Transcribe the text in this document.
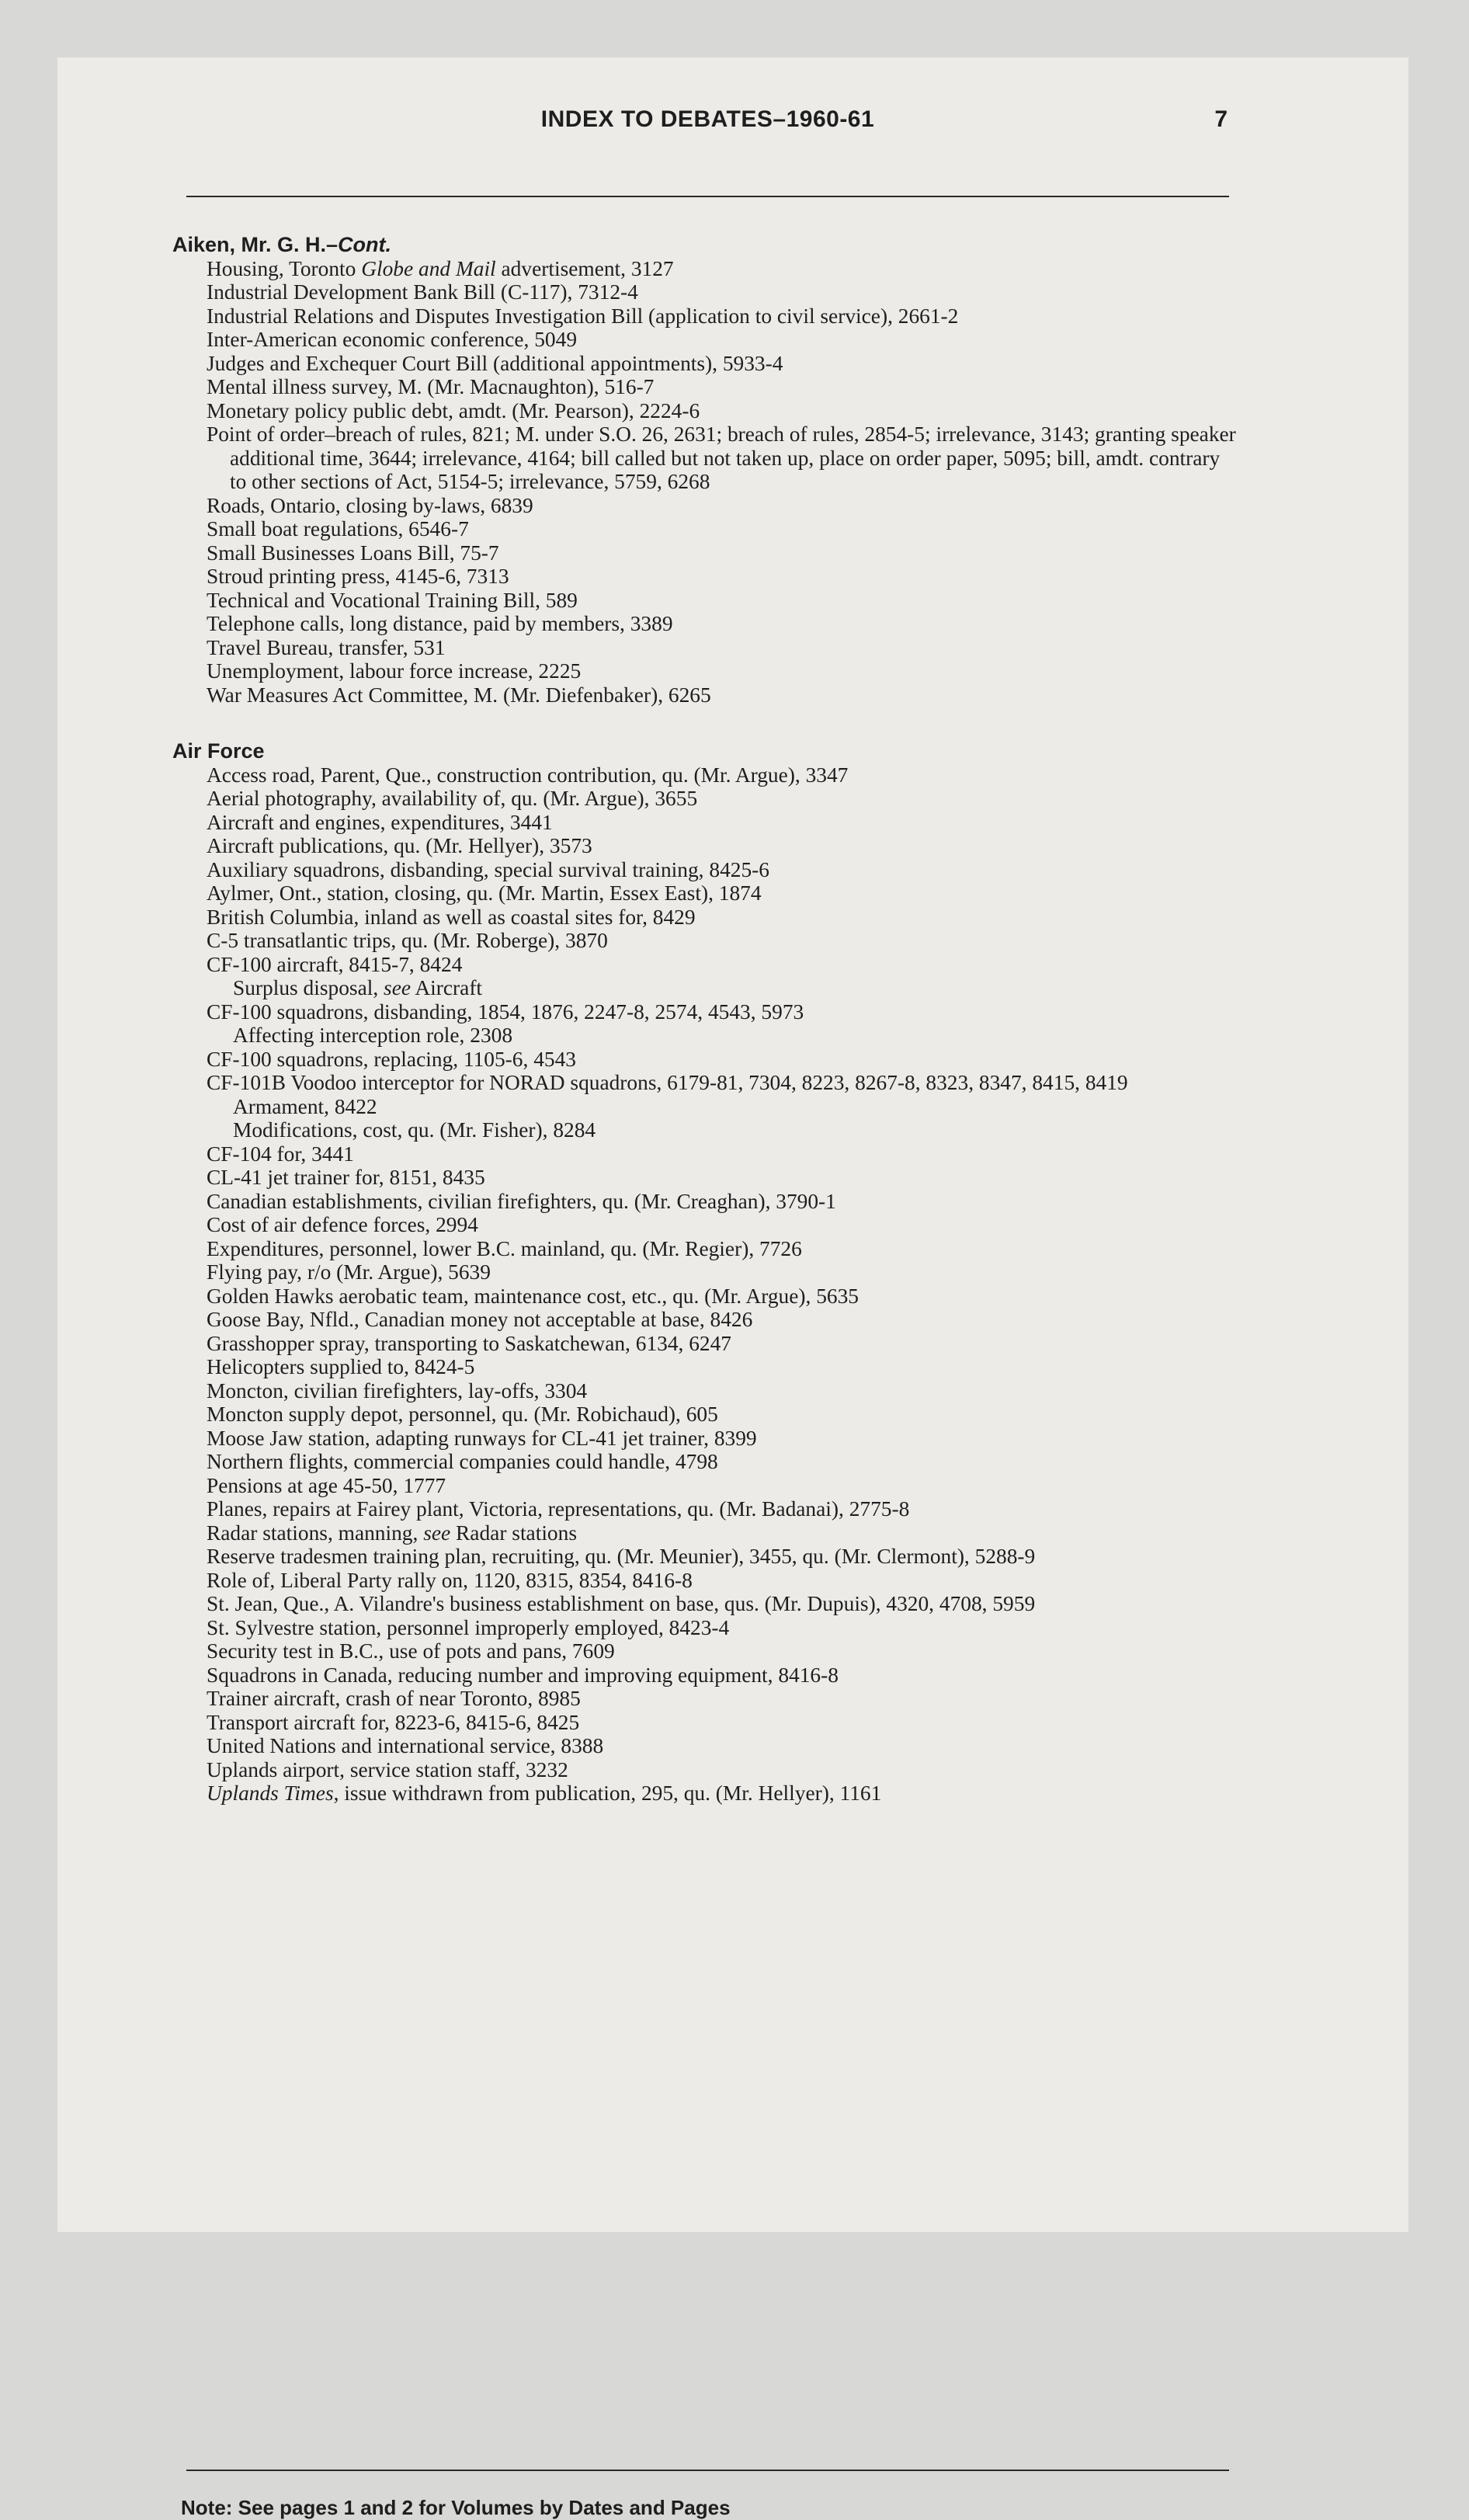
INDEX TO DEBATES–1960-61	7
Aiken, Mr. G. H.–Cont.
Housing, Toronto Globe and Mail advertisement, 3127
Industrial Development Bank Bill (C-117), 7312-4
Industrial Relations and Disputes Investigation Bill (application to civil service), 2661-2
Inter-American economic conference, 5049
Judges and Exchequer Court Bill (additional appointments), 5933-4
Mental illness survey, M. (Mr. Macnaughton), 516-7
Monetary policy public debt, amdt. (Mr. Pearson), 2224-6
Point of order–breach of rules, 821; M. under S.O. 26, 2631; breach of rules, 2854-5; irrelevance, 3143; granting speaker additional time, 3644; irrelevance, 4164; bill called but not taken up, place on order paper, 5095; bill, amdt. contrary to other sections of Act, 5154-5; irrelevance, 5759, 6268
Roads, Ontario, closing by-laws, 6839
Small boat regulations, 6546-7
Small Businesses Loans Bill, 75-7
Stroud printing press, 4145-6, 7313
Technical and Vocational Training Bill, 589
Telephone calls, long distance, paid by members, 3389
Travel Bureau, transfer, 531
Unemployment, labour force increase, 2225
War Measures Act Committee, M. (Mr. Diefenbaker), 6265
Air Force
Access road, Parent, Que., construction contribution, qu. (Mr. Argue), 3347
Aerial photography, availability of, qu. (Mr. Argue), 3655
Aircraft and engines, expenditures, 3441
Aircraft publications, qu. (Mr. Hellyer), 3573
Auxiliary squadrons, disbanding, special survival training, 8425-6
Aylmer, Ont., station, closing, qu. (Mr. Martin, Essex East), 1874
British Columbia, inland as well as coastal sites for, 8429
C-5 transatlantic trips, qu. (Mr. Roberge), 3870
CF-100 aircraft, 8415-7, 8424
Surplus disposal, see Aircraft
CF-100 squadrons, disbanding, 1854, 1876, 2247-8, 2574, 4543, 5973
Affecting interception role, 2308
CF-100 squadrons, replacing, 1105-6, 4543
CF-101B Voodoo interceptor for NORAD squadrons, 6179-81, 7304, 8223, 8267-8, 8323, 8347, 8415, 8419
Armament, 8422
Modifications, cost, qu. (Mr. Fisher), 8284
CF-104 for, 3441
CL-41 jet trainer for, 8151, 8435
Canadian establishments, civilian firefighters, qu. (Mr. Creaghan), 3790-1
Cost of air defence forces, 2994
Expenditures, personnel, lower B.C. mainland, qu. (Mr. Regier), 7726
Flying pay, r/o (Mr. Argue), 5639
Golden Hawks aerobatic team, maintenance cost, etc., qu. (Mr. Argue), 5635
Goose Bay, Nfld., Canadian money not acceptable at base, 8426
Grasshopper spray, transporting to Saskatchewan, 6134, 6247
Helicopters supplied to, 8424-5
Moncton, civilian firefighters, lay-offs, 3304
Moncton supply depot, personnel, qu. (Mr. Robichaud), 605
Moose Jaw station, adapting runways for CL-41 jet trainer, 8399
Northern flights, commercial companies could handle, 4798
Pensions at age 45-50, 1777
Planes, repairs at Fairey plant, Victoria, representations, qu. (Mr. Badanai), 2775-8
Radar stations, manning, see Radar stations
Reserve tradesmen training plan, recruiting, qu. (Mr. Meunier), 3455, qu. (Mr. Clermont), 5288-9
Role of, Liberal Party rally on, 1120, 8315, 8354, 8416-8
St. Jean, Que., A. Vilandre's business establishment on base, qus. (Mr. Dupuis), 4320, 4708, 5959
St. Sylvestre station, personnel improperly employed, 8423-4
Security test in B.C., use of pots and pans, 7609
Squadrons in Canada, reducing number and improving equipment, 8416-8
Trainer aircraft, crash of near Toronto, 8985
Transport aircraft for, 8223-6, 8415-6, 8425
United Nations and international service, 8388
Uplands airport, service station staff, 3232
Uplands Times, issue withdrawn from publication, 295, qu. (Mr. Hellyer), 1161
Note: See pages 1 and 2 for Volumes by Dates and Pages
